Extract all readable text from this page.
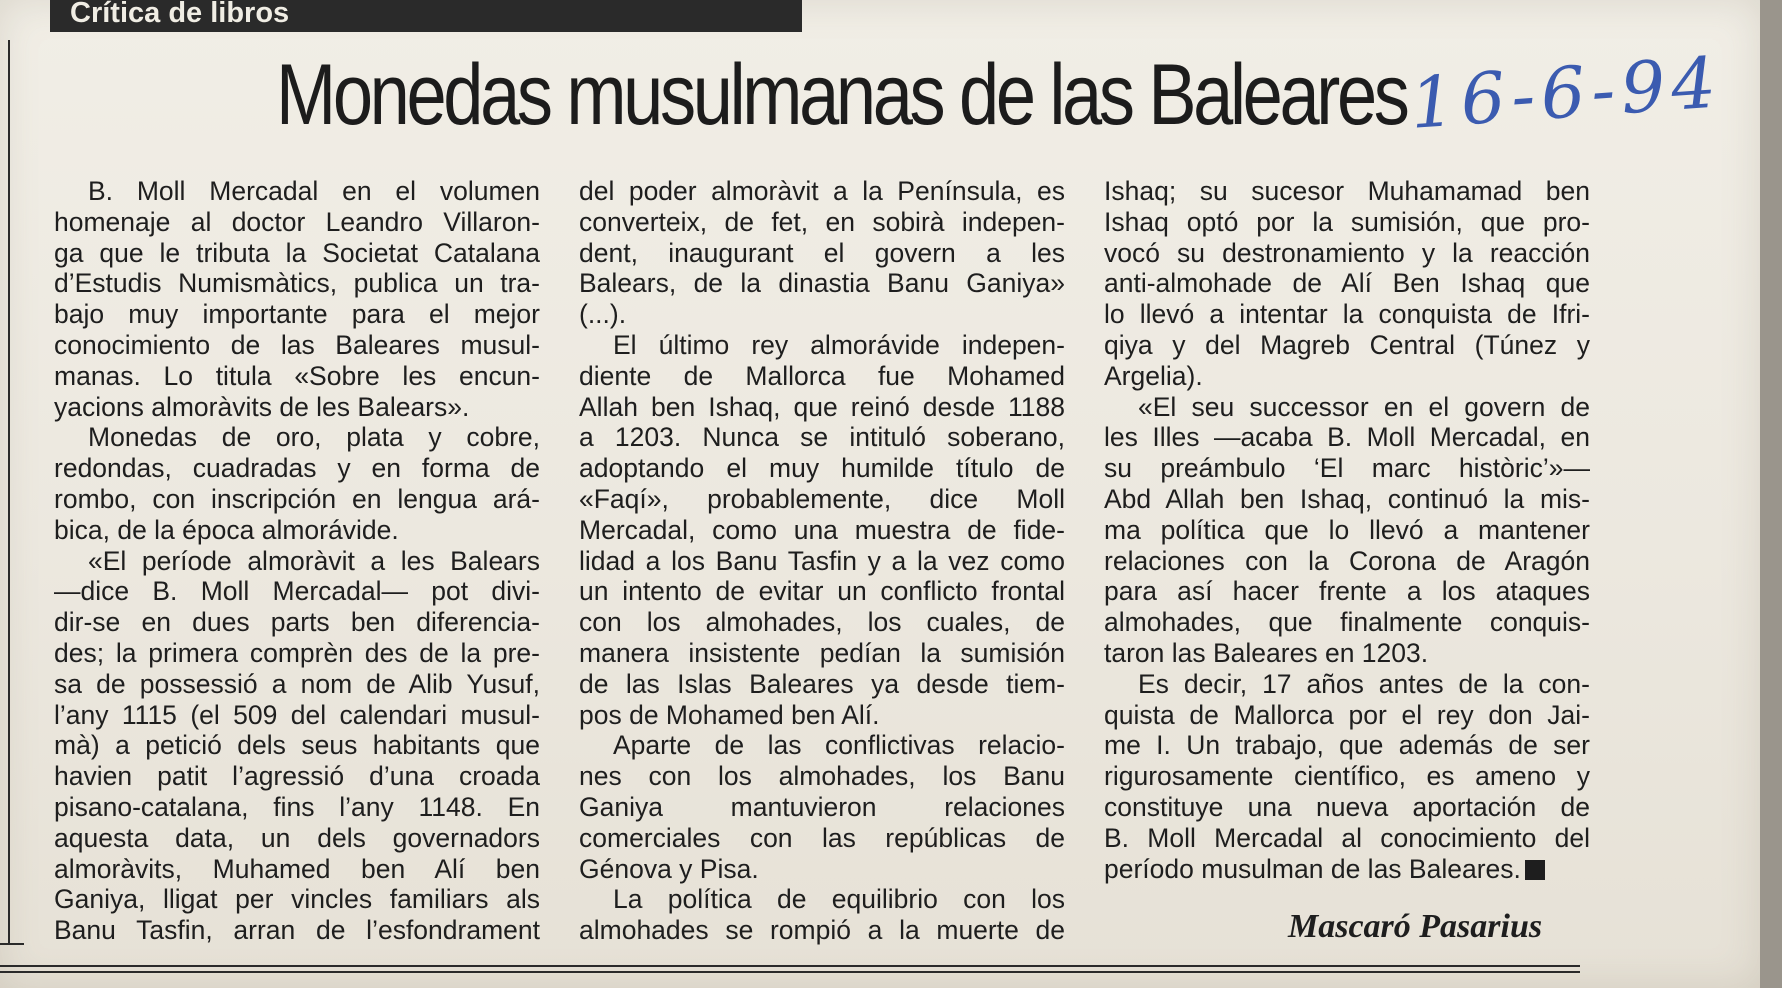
Crítica de libros
Monedas musulmanas de las Baleares 16-6-94
B. Moll Mercadal en el volumen
homenaje al doctor Leandro Villaron-
ga que le tributa la Societat Catalana
d’Estudis Numismàtics, publica un tra-
bajo muy importante para el mejor
conocimiento de las Baleares musul-
manas. Lo titula «Sobre les encun-
yacions almoràvits de les Balears».
Monedas de oro, plata y cobre,
redondas, cuadradas y en forma de
rombo, con inscripción en lengua ará-
bica, de la época almorávide.
«El període almoràvit a les Balears
—dice B. Moll Mercadal— pot divi-
dir-se en dues parts ben diferencia-
des; la primera comprèn des de la pre-
sa de possessió a nom de Alib Yusuf,
l’any 1115 (el 509 del calendari musul-
mà) a petició dels seus habitants que
havien patit l’agressió d’una croada
pisano-catalana, fins l’any 1148. En
aquesta data, un dels governadors
almoràvits, Muhamed ben Alí ben
Ganiya, lligat per vincles familiars als
Banu Tasfin, arran de l’esfondrament
del poder almoràvit a la Península, es
converteix, de fet, en sobirà indepen-
dent, inaugurant el govern a les
Balears, de la dinastia Banu Ganiya»
(...).
El último rey almorávide indepen-
diente de Mallorca fue Mohamed
Allah ben Ishaq, que reinó desde 1188
a 1203. Nunca se intituló soberano,
adoptando el muy humilde título de
«Faqí», probablemente, dice Moll
Mercadal, como una muestra de fide-
lidad a los Banu Tasfin y a la vez como
un intento de evitar un conflicto frontal
con los almohades, los cuales, de
manera insistente pedían la sumisión
de las Islas Baleares ya desde tiem-
pos de Mohamed ben Alí.
Aparte de las conflictivas relacio-
nes con los almohades, los Banu
Ganiya mantuvieron relaciones
comerciales con las repúblicas de
Génova y Pisa.
La política de equilibrio con los
almohades se rompió a la muerte de
Ishaq; su sucesor Muhamamad ben
Ishaq optó por la sumisión, que pro-
vocó su destronamiento y la reacción
anti-almohade de Alí Ben Ishaq que
lo llevó a intentar la conquista de Ifri-
qiya y del Magreb Central (Túnez y
Argelia).
«El seu successor en el govern de
les Illes —acaba B. Moll Mercadal, en
su preámbulo ‘El marc històric’»—
Abd Allah ben Ishaq, continuó la mis-
ma política que lo llevó a mantener
relaciones con la Corona de Aragón
para así hacer frente a los ataques
almohades, que finalmente conquis-
taron las Baleares en 1203.
Es decir, 17 años antes de la con-
quista de Mallorca por el rey don Jai-
me I. Un trabajo, que además de ser
rigurosamente científico, es ameno y
constituye una nueva aportación de
B. Moll Mercadal al conocimiento del
período musulman de las Baleares.
Mascaró Pasarius
